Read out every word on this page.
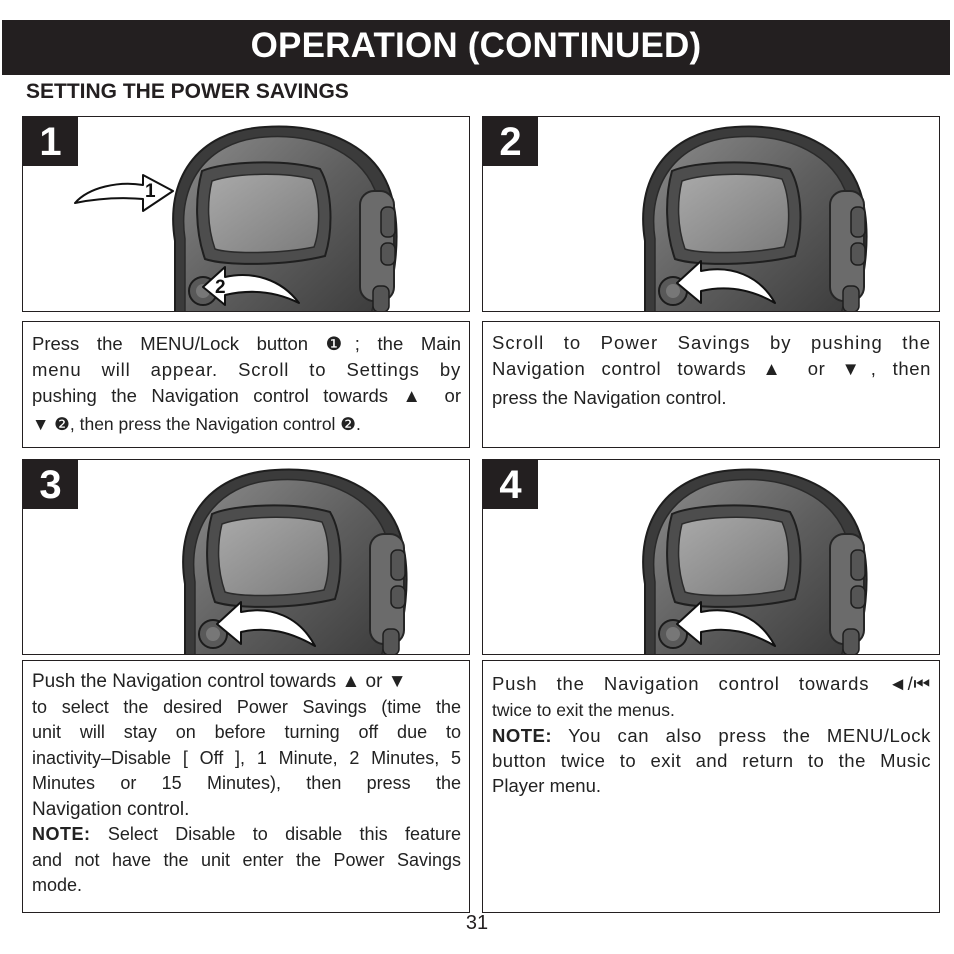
OPERATION (CONTINUED)
SETTING THE POWER SAVINGS
1
1
2
2
Press the MENU/Lock button ❶; the Main
menu will appear. Scroll to Settings by
pushing the Navigation control towards ▲ or
▼ ❷, then press the Navigation control ❷.
Scroll to Power Savings by pushing the
Navigation control towards ▲ or ▼, then
press the Navigation control.
3	4
Push the Navigation control towards ▲ or ▼
to select the desired Power Savings (time the
unit will stay on before turning off due to
inactivity–Disable [ Off ], 1 Minute, 2 Minutes, 5
Minutes or 15 Minutes), then press the
Navigation control.
NOTE: Select Disable to disable this feature
and not have the unit enter the Power Savings
mode.
Push the Navigation control towards ◄/⏮
twice to exit the menus.
NOTE: You can also press the MENU/Lock
button twice to exit and return to the Music
Player menu.
31
